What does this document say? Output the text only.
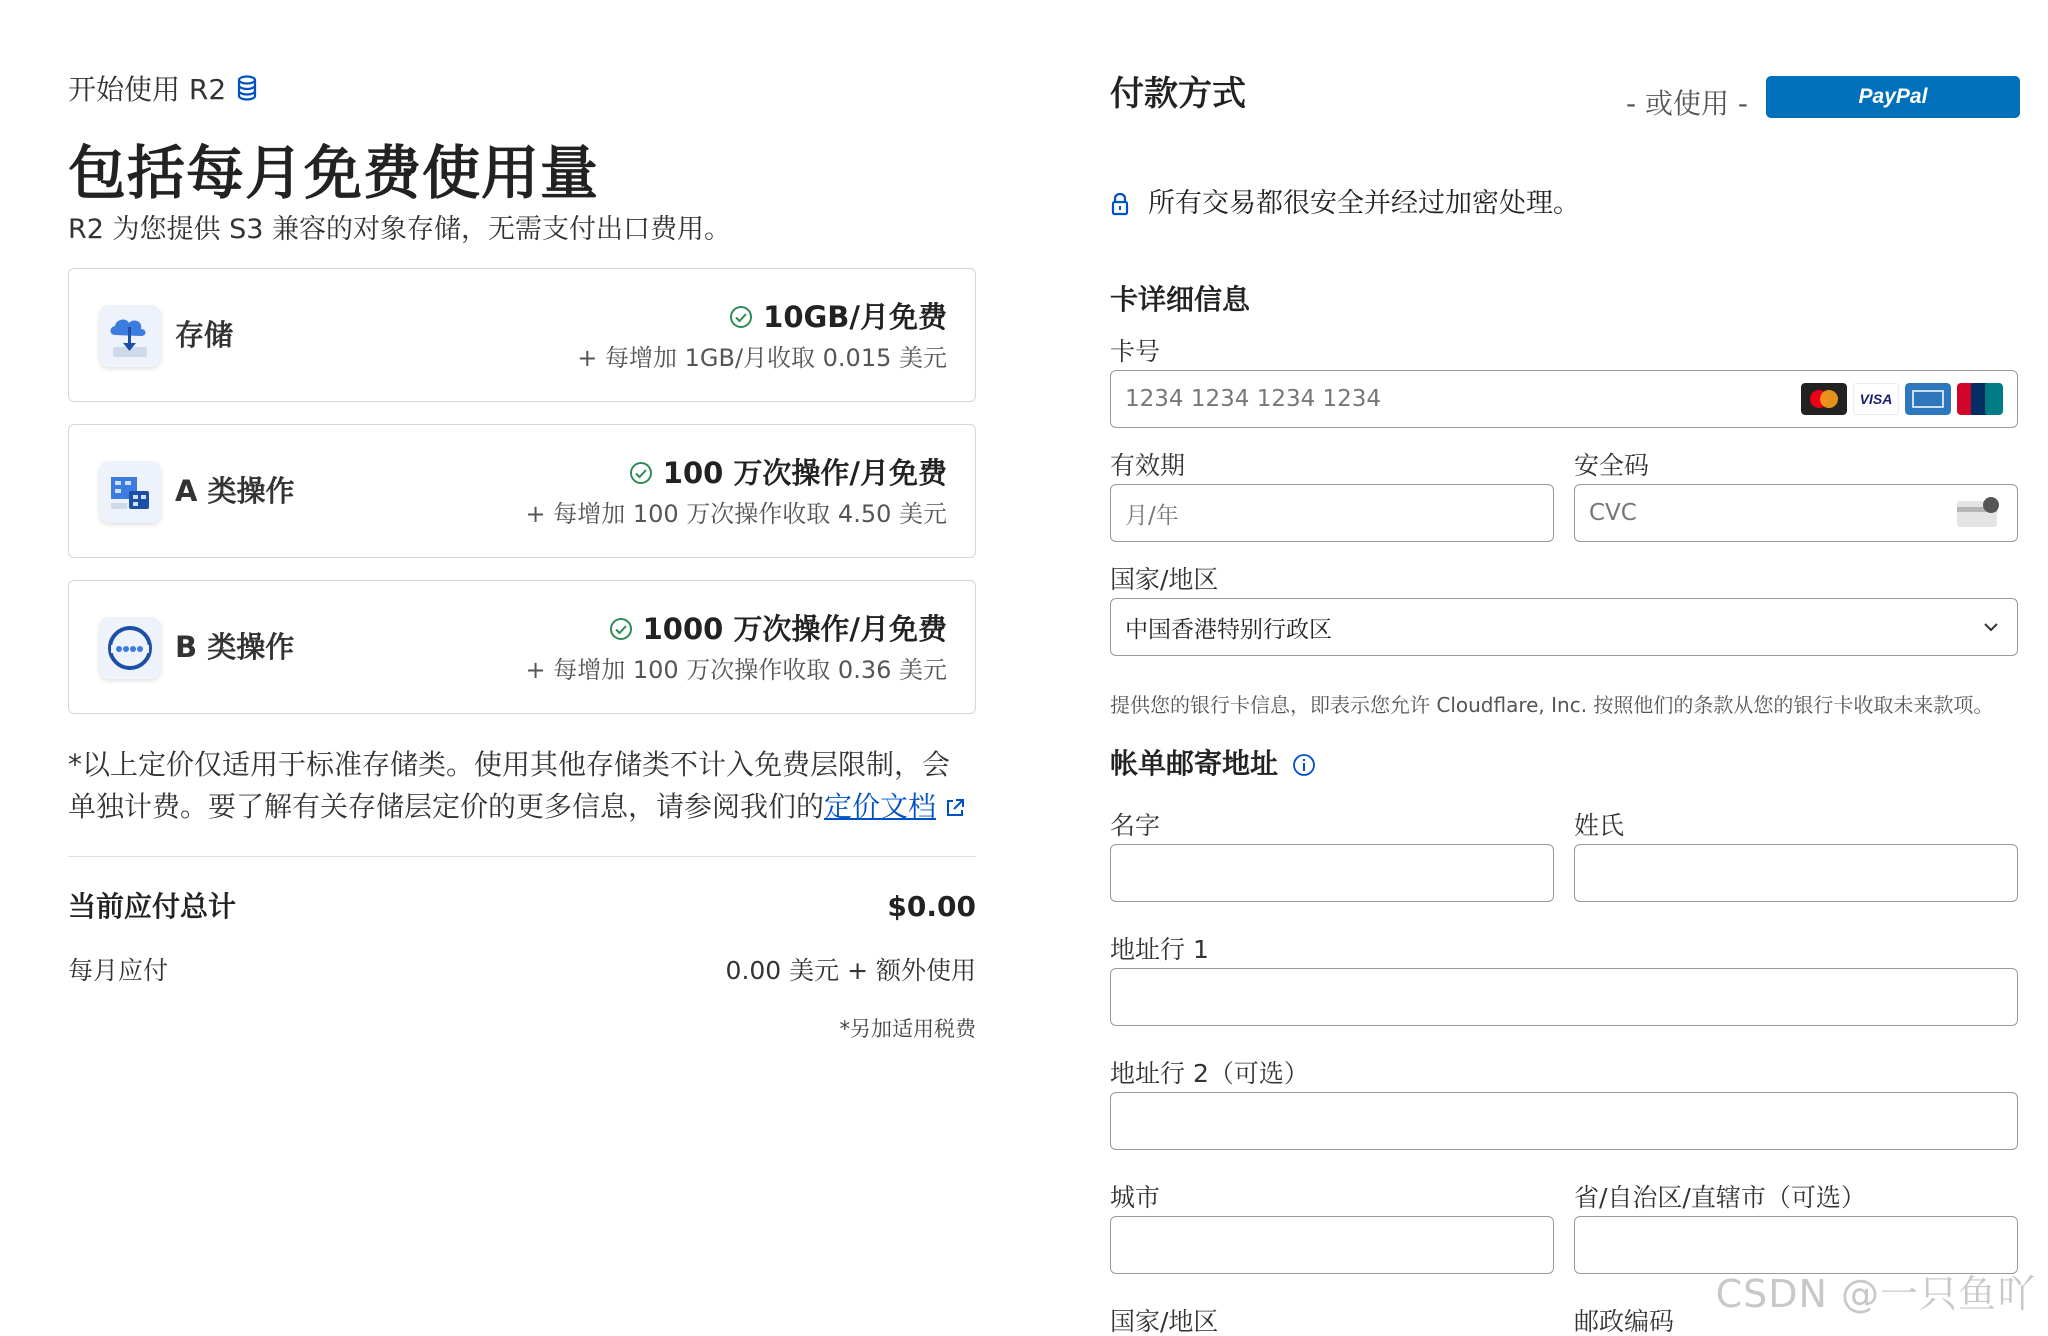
开始使用 R2
包括每月免费使用量
R2 为您提供 S3 兼容的对象存储，无需支付出口费用。
存储
10GB/月免费
+ 每增加 1GB/月收取 0.015 美元
A 类操作
100 万次操作/月免费
+ 每增加 100 万次操作收取 4.50 美元
B 类操作
1000 万次操作/月免费
+ 每增加 100 万次操作收取 0.36 美元
*以上定价仅适用于标准存储类。使用其他存储类不计入免费层限制，会单独计费。要了解有关存储层定价的更多信息，请参阅我们的定价文档
当前应付总计	$0.00
每月应付	0.00 美元 + 额外使用
*另加适用税费
付款方式	- 或使用 -	PayPal
所有交易都很安全并经过加密处理。
卡详细信息
卡号
1234 1234 1234 1234	VISA
有效期
月/年
安全码
CVC
国家/地区
中国香港特别行政区
提供您的银行卡信息，即表示您允许 Cloudflare, Inc. 按照他们的条款从您的银行卡收取未来款项。
帐单邮寄地址
名字	姓氏
地址行 1
地址行 2（可选）
城市	省/自治区/直辖市（可选）
国家/地区	邮政编码
CSDN @一只鱼吖
